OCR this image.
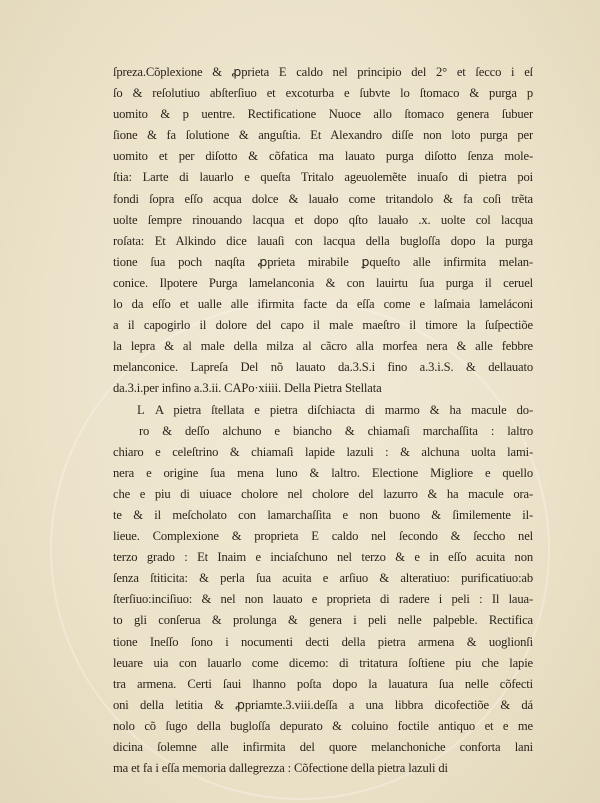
ſpreza.Cõplexione & ꝓprieta E caldo nel principio del 2° et ſecco i eſ
ſo & reſolutiuo abſterſiuo et excoturba e ſubvte lo ſtomaco & purga p
uomito & p uentre. Rectificatione Nuoce allo ſtomaco genera ſubuer
ſione & fa ſolutione & anguſtia. Et Alexandro diſſe non loto purga per
uomito et per diſotto & cõfatica ma lauato purga diſotto ſenza mole-
ſtia: Larte di lauarlo e queſta Tritalo ageuolemẽte inuaſo di pietra poi
fondi ſopra eſſo acqua dolce & lauało come tritandolo & fa coſi trẽta
uolte ſempre rinouando lacqua et dopo qſto lauało .x. uolte col lacqua
roſata: Et Alkindo dice lauaſi con lacqua della bugloſſa dopo la purga
tione ſua poch naqſta ꝓprieta mirabile ꝑqueſto alle infirmita melan-
conice. Ilpotere Purga lamelanconia & con lauirtu ſua purga il ceruel
lo da eſſo et ualle alle ifirmita facte da eſſa come e laſmaia lameláconi
a il capogirlo il dolore del capo il male maeſtro il timore la ſuſpectiõe
la lepra & al male della milza al cãcro alla morfea nera & alle febbre
melanconice. Lapreſa Del nõ lauato da.3.S.i fino a.3.i.S. & dellauato
da.3.i.per infino a.3.ii. CAPo·xiiii. Della Pietra Stellata
L A pietra ſtellata e pietra diſchiacta di marmo & ha macule do-
ro & deſſo alchuno e biancho & chiamaſi marchaſſita : laltro
chiaro e celeſtrino & chiamaſi lapide lazuli : & alchuna uolta lami-
nera e origine ſua mena luno & laltro. Electione Migliore e quello
che e piu di uiuace cholore nel cholore del lazurro & ha macule ora-
te & il meſcholato con lamarchaſſita e non buono & ſimilemente il-
lieue. Complexione & proprieta E caldo nel ſecondo & ſeccho nel
terzo grado : Et Inaim e inciaſchuno nel terzo & e in eſſo acuita non
ſenza ſtiticita: & perla ſua acuita e arſiuo & alteratiuo: purificatiuo:ab
ſterſiuo:inciſiuo: & nel non lauato e proprieta di radere i peli : Il laua-
to gli conſerua & prolunga & genera i peli nelle palpeble. Rectifica
tione Ineſſo ſono i nocumenti decti della pietra armena & uoglionſi
leuare uia con lauarlo come dicemo: di tritatura ſoſtiene piu che lapie
tra armena. Certi ſaui lhanno poſta dopo la lauatura ſua nelle cõfecti
oni della letitia & ꝓpriamte.3.viii.deſſa a una libbra dicofectiõe & dá
nolo cõ ſugo della bugloſſa depurato & coluino foctile antiquo et e me
dicina ſolemne alle infirmita del quore melanchoniche conforta lani
ma et fa i eſſa memoria dallegrezza : Cõfectione della pietra lazuli di
